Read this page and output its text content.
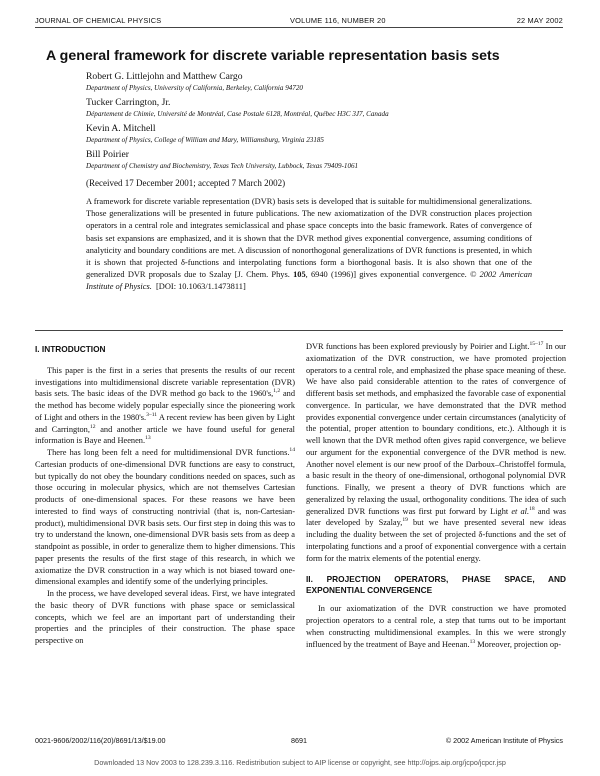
JOURNAL OF CHEMICAL PHYSICS	VOLUME 116, NUMBER 20	22 MAY 2002
A general framework for discrete variable representation basis sets
Robert G. Littlejohn and Matthew Cargo
Department of Physics, University of California, Berkeley, California 94720
Tucker Carrington, Jr.
Département de Chimie, Université de Montréal, Case Postale 6128, Montréal, Québec H3C 3J7, Canada
Kevin A. Mitchell
Department of Physics, College of William and Mary, Williamsburg, Virginia 23185
Bill Poirier
Department of Chemistry and Biochemistry, Texas Tech University, Lubbock, Texas 79409-1061
(Received 17 December 2001; accepted 7 March 2002)
A framework for discrete variable representation (DVR) basis sets is developed that is suitable for multidimensional generalizations. Those generalizations will be presented in future publications. The new axiomatization of the DVR construction places projection operators in a central role and integrates semiclassical and phase space concepts into the basic framework. Rates of convergence of basis set expansions are emphasized, and it is shown that the DVR method gives exponential convergence, assuming conditions of analyticity and boundary conditions are met. A discussion of nonorthogonal generalizations of DVR functions is presented, in which it is shown that projected δ-functions and interpolating functions form a biorthogonal basis. It is also shown that one of the generalized DVR proposals due to Szalay [J. Chem. Phys. 105, 6940 (1996)] gives exponential convergence. © 2002 American Institute of Physics. [DOI: 10.1063/1.1473811]

I. INTRODUCTION

This paper is the first in a series that presents the results of our recent investigations into multidimensional discrete variable representation (DVR) basis sets. The basic ideas of the DVR method go back to the 1960's,$^{1,2}$ and the method has become widely popular especially since the pioneering work of Light and others in the 1980's.$^{3-11}$ A recent review has been given by Light and Carrington,$^{12}$ and another article we have found useful for general information is Baye and Heenen.$^{13}$

There has long been felt a need for multidimensional DVR functions.$^{14}$ Cartesian products of one-dimensional DVR functions are easy to construct, but typically do not obey the boundary conditions needed on spaces, such as those occuring in molecular physics, which are not themselves Cartesian products of one-dimensional spaces. For these reasons we have been interested to find ways of constructing nontrivial (that is, non-Cartesian-product), multidimensional DVR basis sets. Our first step in doing this was to try to understand the known, one-dimensional DVR basis sets from as deep a standpoint as possible, in order to generalize them to higher dimensions. This paper presents the results of the first stage of this research, in which we axiomatize the DVR construction in a way which is not biased toward one-dimensional examples and identify some of the underlying principles.

In the process, we have developed several ideas. First, we have integrated the basic theory of DVR functions with phase space or semiclassical concepts, which we feel are an important part of understanding their properties and the principles of their construction. The phase space perspective on

DVR functions has been explored previously by Poirier and Light.$^{15-17}$ In our axiomatization of the DVR construction, we have promoted projection operators to a central role, and emphasized the phase space meaning of these. We have also paid considerable attention to the rates of convergence of different basis set methods, and emphasized the favorable case of exponential convergence. In particular, we have demonstrated that the DVR method provides exponential convergence under certain circumstances (analyticity of the potential, proper attention to boundary conditions, etc.). Although it is well known that the DVR method often gives rapid convergence, we believe our argument for the exponential convergence of the DVR method is new. Another novel element is our new proof of the Darboux–Christoffel formula, a basic result in the theory of one-dimensional, orthogonal polynomial DVR functions. Finally, we present a theory of DVR functions which are generalized by relaxing the usual, orthogonality conditions. The idea of such generalized DVR functions was first put forward by Light et al.$^{18}$ and was later developed by Szalay,$^{19}$ but we have presented several new ideas including the duality between the set of projected δ-functions and the set of interpolating functions and a proof of exponential convergence with a certain form for the matrix elements of the potential energy.

II. PROJECTION OPERATORS, PHASE SPACE, AND EXPONENTIAL CONVERGENCE

In our axiomatization of the DVR construction we have promoted projection operators to a central role, a step that turns out to be important when constructing multidimensional examples. In this we were strongly influenced by the treatment of Baye and Heenan.$^{13}$ Moreover, projection op-

0021-9606/2002/116(20)/8691/13/$19.00	8691	© 2002 American Institute of Physics
Downloaded 13 Nov 2003 to 128.239.3.116. Redistribution subject to AIP license or copyright, see http://ojps.aip.org/jcpo/jcpcr.jsp
